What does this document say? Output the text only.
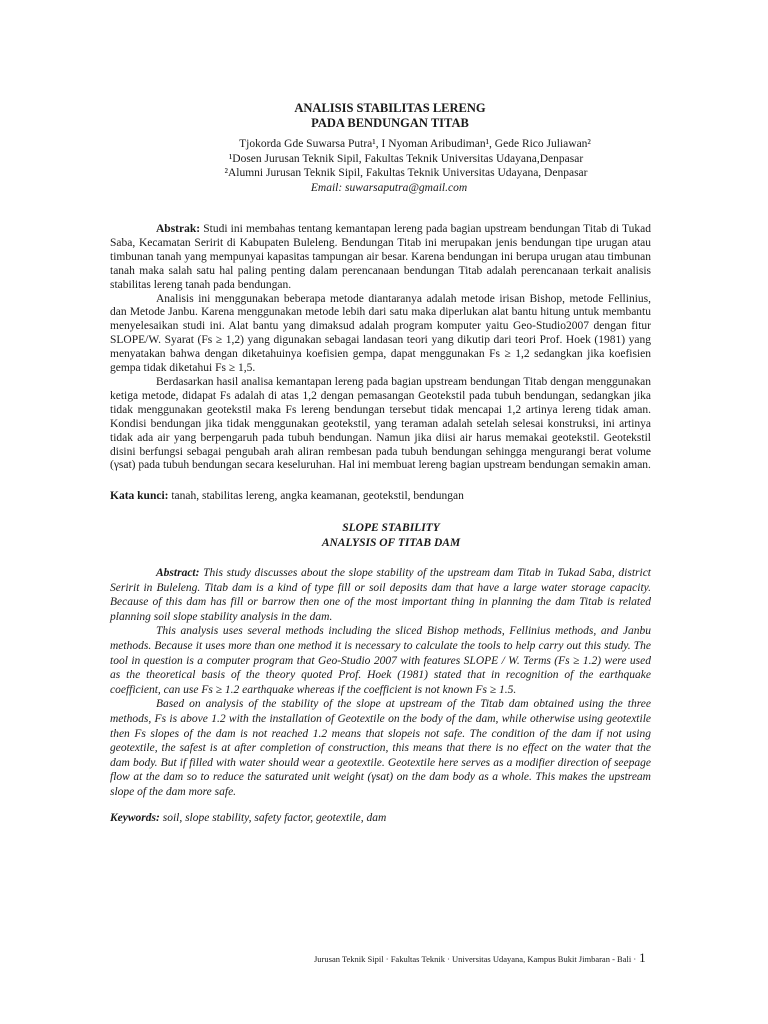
ANALISIS STABILITAS LERENG
PADA BENDUNGAN TITAB
Tjokorda Gde Suwarsa Putra¹, I Nyoman Aribudiman¹, Gede Rico Juliawan²
¹Dosen Jurusan Teknik Sipil, Fakultas Teknik Universitas Udayana,Denpasar
²Alumni Jurusan Teknik Sipil, Fakultas Teknik Universitas Udayana, Denpasar
Email: suwarsaputra@gmail.com

Abstrak: Studi ini membahas tentang kemantapan lereng pada bagian upstream bendungan Titab di Tukad Saba, Kecamatan Seririt di Kabupaten Buleleng. Bendungan Titab ini merupakan jenis bendungan tipe urugan atau timbunan tanah yang mempunyai kapasitas tampungan air besar. Karena bendungan ini berupa urugan atau timbunan tanah maka salah satu hal paling penting dalam perencanaan bendungan Titab adalah perencanaan terkait analisis stabilitas lereng tanah pada bendungan.

Analisis ini menggunakan beberapa metode diantaranya adalah metode irisan Bishop, metode Fellinius, dan Metode Janbu. Karena menggunakan metode lebih dari satu maka diperlukan alat bantu hitung untuk membantu menyelesaikan studi ini. Alat bantu yang dimaksud adalah program komputer yaitu Geo-Studio2007 dengan fitur SLOPE/W. Syarat (Fs ≥ 1,2) yang digunakan sebagai landasan teori yang dikutip dari teori Prof. Hoek (1981) yang menyatakan bahwa dengan diketahuinya koefisien gempa, dapat menggunakan Fs ≥ 1,2 sedangkan jika koefisien gempa tidak diketahui Fs ≥ 1,5.

Berdasarkan hasil analisa kemantapan lereng pada bagian upstream bendungan Titab dengan menggunakan ketiga metode, didapat Fs adalah di atas 1,2 dengan pemasangan Geotekstil pada tubuh bendungan, sedangkan jika tidak menggunakan geotekstil maka Fs lereng bendungan tersebut tidak mencapai 1,2 artinya lereng tidak aman. Kondisi bendungan jika tidak menggunakan geotekstil, yang teraman adalah setelah selesai konstruksi, ini artinya tidak ada air yang berpengaruh pada tubuh bendungan. Namun jika diisi air harus memakai geotekstil. Geotekstil disini berfungsi sebagai pengubah arah aliran rembesan pada tubuh bendungan sehingga mengurangi berat volume (γsat) pada tubuh bendungan secara keseluruhan. Hal ini membuat lereng bagian upstream bendungan semakin aman.

Kata kunci: tanah, stabilitas lereng, angka keamanan, geotekstil, bendungan
SLOPE STABILITY
ANALYSIS OF TITAB DAM

Abstract: This study discusses about the slope stability of the upstream dam Titab in Tukad Saba, district Seririt in Buleleng. Titab dam is a kind of type fill or soil deposits dam that have a large water storage capacity. Because of this dam has fill or barrow then one of the most important thing in planning the dam Titab is related planning soil slope stability analysis in the dam.

This analysis uses several methods including the sliced Bishop methods, Fellinius methods, and Janbu methods. Because it uses more than one method it is necessary to calculate the tools to help carry out this study. The tool in question is a computer program that Geo-Studio 2007 with features SLOPE / W. Terms (Fs ≥ 1.2) were used as the theoretical basis of the theory quoted Prof. Hoek (1981) stated that in recognition of the earthquake coefficient, can use Fs ≥ 1.2 earthquake whereas if the coefficient is not known Fs ≥ 1.5.

Based on analysis of the stability of the slope at upstream of the Titab dam obtained using the three methods, Fs is above 1.2 with the installation of Geotextile on the body of the dam, while otherwise using geotextile then Fs slopes of the dam is not reached 1.2 means that slopeis not safe. The condition of the dam if not using geotextile, the safest is at after completion of construction, this means that there is no effect on the water that the dam body. But if filled with water should wear a geotextile. Geotextile here serves as a modifier direction of seepage flow at the dam so to reduce the saturated unit weight (γsat) on the dam body as a whole. This makes the upstream slope of the dam more safe.

Keywords: soil, slope stability, safety factor, geotextile, dam
Jurusan Teknik Sipil · Fakultas Teknik · Universitas Udayana, Kampus Bukit Jimbaran - Bali · 1
